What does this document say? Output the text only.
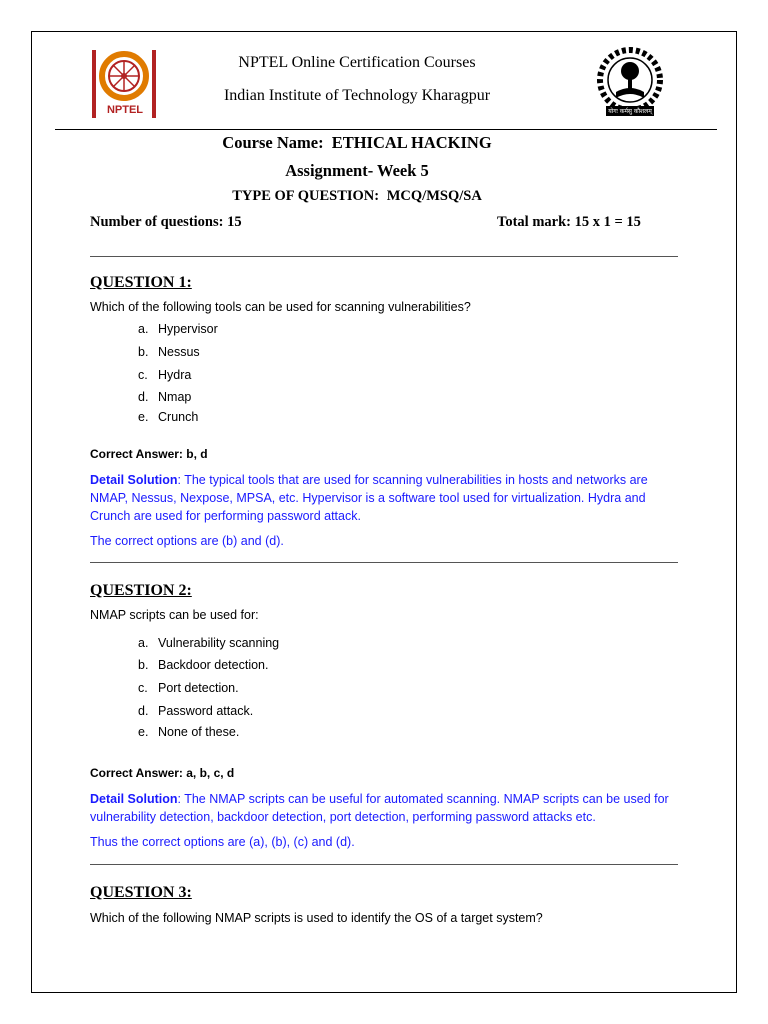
NPTEL
NPTEL Online Certification Courses
Indian Institute of Technology Kharagpur
योगः कर्मसु कौशलम्
Course Name: ETHICAL HACKING
Assignment- Week 5
TYPE OF QUESTION: MCQ/MSQ/SA
Number of questions: 15	Total mark: 15 x 1 = 15
QUESTION 1:
Which of the following tools can be used for scanning vulnerabilities?
a. Hypervisor
b. Nessus
c. Hydra
d. Nmap
e. Crunch
Correct Answer: b, d
Detail Solution: The typical tools that are used for scanning vulnerabilities in hosts and networks are
NMAP, Nessus, Nexpose, MPSA, etc. Hypervisor is a software tool used for virtualization. Hydra and
Crunch are used for performing password attack.
The correct options are (b) and (d).
QUESTION 2:
NMAP scripts can be used for:
a. Vulnerability scanning
b. Backdoor detection.
c. Port detection.
d. Password attack.
e. None of these.
Correct Answer: a, b, c, d
Detail Solution: The NMAP scripts can be useful for automated scanning. NMAP scripts can be used for
vulnerability detection, backdoor detection, port detection, performing password attacks etc.
Thus the correct options are (a), (b), (c) and (d).
QUESTION 3:
Which of the following NMAP scripts is used to identify the OS of a target system?
